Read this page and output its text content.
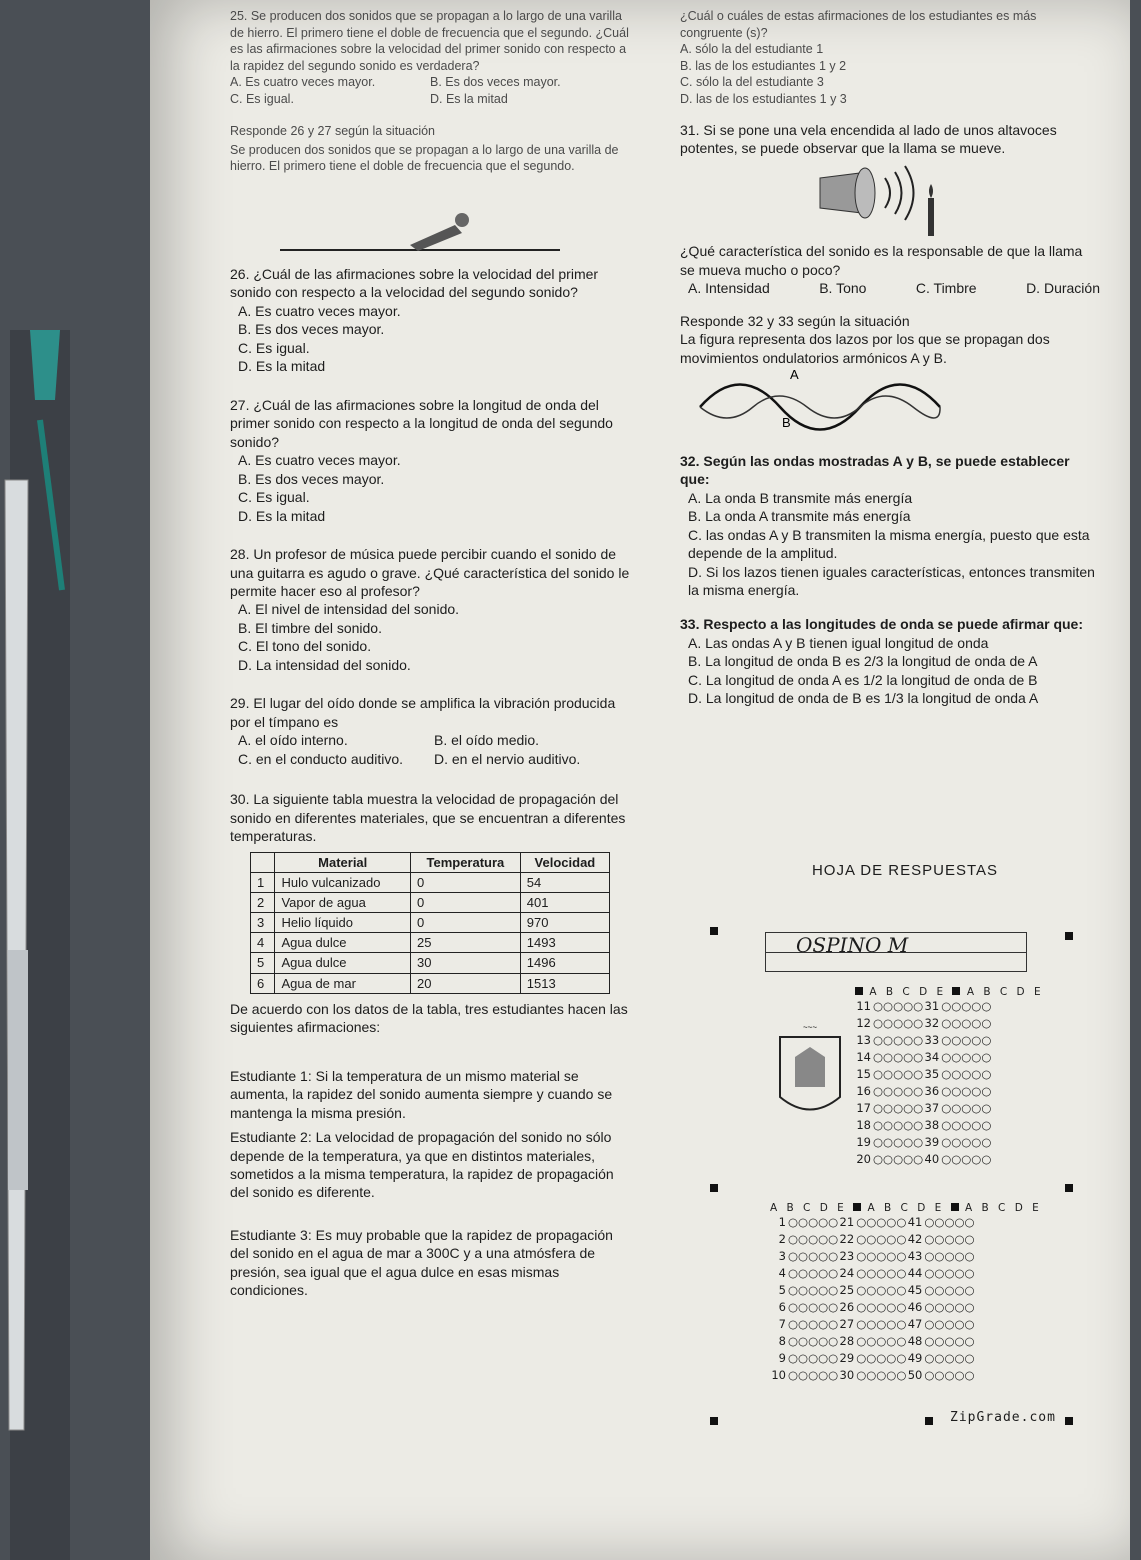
25. Se producen dos sonidos que se propagan a lo largo de una varilla de hierro. El primero tiene el doble de frecuencia que el segundo. ¿Cuál es las afirmaciones sobre la velocidad del primer sonido con respecto a la rapidez del segundo sonido es verdadera?

A. Es cuatro veces mayor.
C. Es igual.
B. Es dos veces mayor.
D. Es la mitad

Responde 26 y 27 según la situación

Se producen dos sonidos que se propagan a lo largo de una varilla de hierro. El primero tiene el doble de frecuencia que el segundo.

26. ¿Cuál de las afirmaciones sobre la velocidad del primer sonido con respecto a la velocidad del segundo sonido?

A. Es cuatro veces mayor.

B. Es dos veces mayor.

C. Es igual.

D. Es la mitad

27. ¿Cuál de las afirmaciones sobre la longitud de onda del primer sonido con respecto a la longitud de onda del segundo sonido?

A. Es cuatro veces mayor.

B. Es dos veces mayor.

C. Es igual.

D. Es la mitad

28. Un profesor de música puede percibir cuando el sonido de una guitarra es agudo o grave. ¿Qué característica del sonido le permite hacer eso al profesor?

A. El nivel de intensidad del sonido.

B. El timbre del sonido.

C. El tono del sonido.

D. La intensidad del sonido.

29. El lugar del oído donde se amplifica la vibración producida por el tímpano es

A. el oído interno.
C. en el conducto auditivo.
B. el oído medio.
D. en el nervio auditivo.

30. La siguiente tabla muestra la velocidad de propagación del sonido en diferentes materiales, que se encuentran a diferentes temperaturas.

	Material	Temperatura	Velocidad
1	Hulo vulcanizado	0	54
2	Vapor de agua	0	401
3	Helio líquido	0	970
4	Agua dulce	25	1493
5	Agua dulce	30	1496
6	Agua de mar	20	1513

De acuerdo con los datos de la tabla, tres estudiantes hacen las siguientes afirmaciones:

Estudiante 1: Si la temperatura de un mismo material se aumenta, la rapidez del sonido aumenta siempre y cuando se mantenga la misma presión.

Estudiante 2: La velocidad de propagación del sonido no sólo depende de la temperatura, ya que en distintos materiales, sometidos a la misma temperatura, la rapidez de propagación del sonido es diferente.

Estudiante 3: Es muy probable que la rapidez de propagación del sonido en el agua de mar a 300C y a una atmósfera de presión, sea igual que el agua dulce en esas mismas condiciones.

¿Cuál o cuáles de estas afirmaciones de los estudiantes es más congruente (s)?

A. sólo la del estudiante 1
B. las de los estudiantes 1 y 2
C. sólo la del estudiante 3
D. las de los estudiantes 1 y 3

31. Si se pone una vela encendida al lado de unos altavoces potentes, se puede observar que la llama se mueve.

¿Qué característica del sonido es la responsable de que la llama se mueva mucho o poco?

A. Intensidad	B. Tono	C. Timbre	D. Duración

Responde 32 y 33 según la situación

La figura representa dos lazos por los que se propagan dos movimientos ondulatorios armónicos A y B.

A
B

32. Según las ondas mostradas A y B, se puede establecer que:

A. La onda B transmite más energía

B. La onda A transmite más energía

C. las ondas A y B transmiten la misma energía, puesto que esta depende de la amplitud.

D. Si los lazos tienen iguales características, entonces transmiten la misma energía.

33. Respecto a las longitudes de onda se puede afirmar que:

A. Las ondas A y B tienen igual longitud de onda

B. La longitud de onda B es 2/3 la longitud de onda de A

C. La longitud de onda A es 1/2 la longitud de onda de B

D. La longitud de onda de B es 1/3 la longitud de onda A

HOJA DE RESPUESTAS
OSPINO M
~~~
A B C D E A B C D E
11 ○○○○○31 ○○○○○
12 ○○○○○32 ○○○○○
13 ○○○○○33 ○○○○○
14 ○○○○○34 ○○○○○
15 ○○○○○35 ○○○○○
16 ○○○○○36 ○○○○○
17 ○○○○○37 ○○○○○
18 ○○○○○38 ○○○○○
19 ○○○○○39 ○○○○○
20 ○○○○○40 ○○○○○
A B C D E A B C D E A B C D E
1 ○○○○○21 ○○○○○41 ○○○○○
2 ○○○○○22 ○○○○○42 ○○○○○
3 ○○○○○23 ○○○○○43 ○○○○○
4 ○○○○○24 ○○○○○44 ○○○○○
5 ○○○○○25 ○○○○○45 ○○○○○
6 ○○○○○26 ○○○○○46 ○○○○○
7 ○○○○○27 ○○○○○47 ○○○○○
8 ○○○○○28 ○○○○○48 ○○○○○
9 ○○○○○29 ○○○○○49 ○○○○○
10 ○○○○○30 ○○○○○50 ○○○○○
ZipGrade.com
